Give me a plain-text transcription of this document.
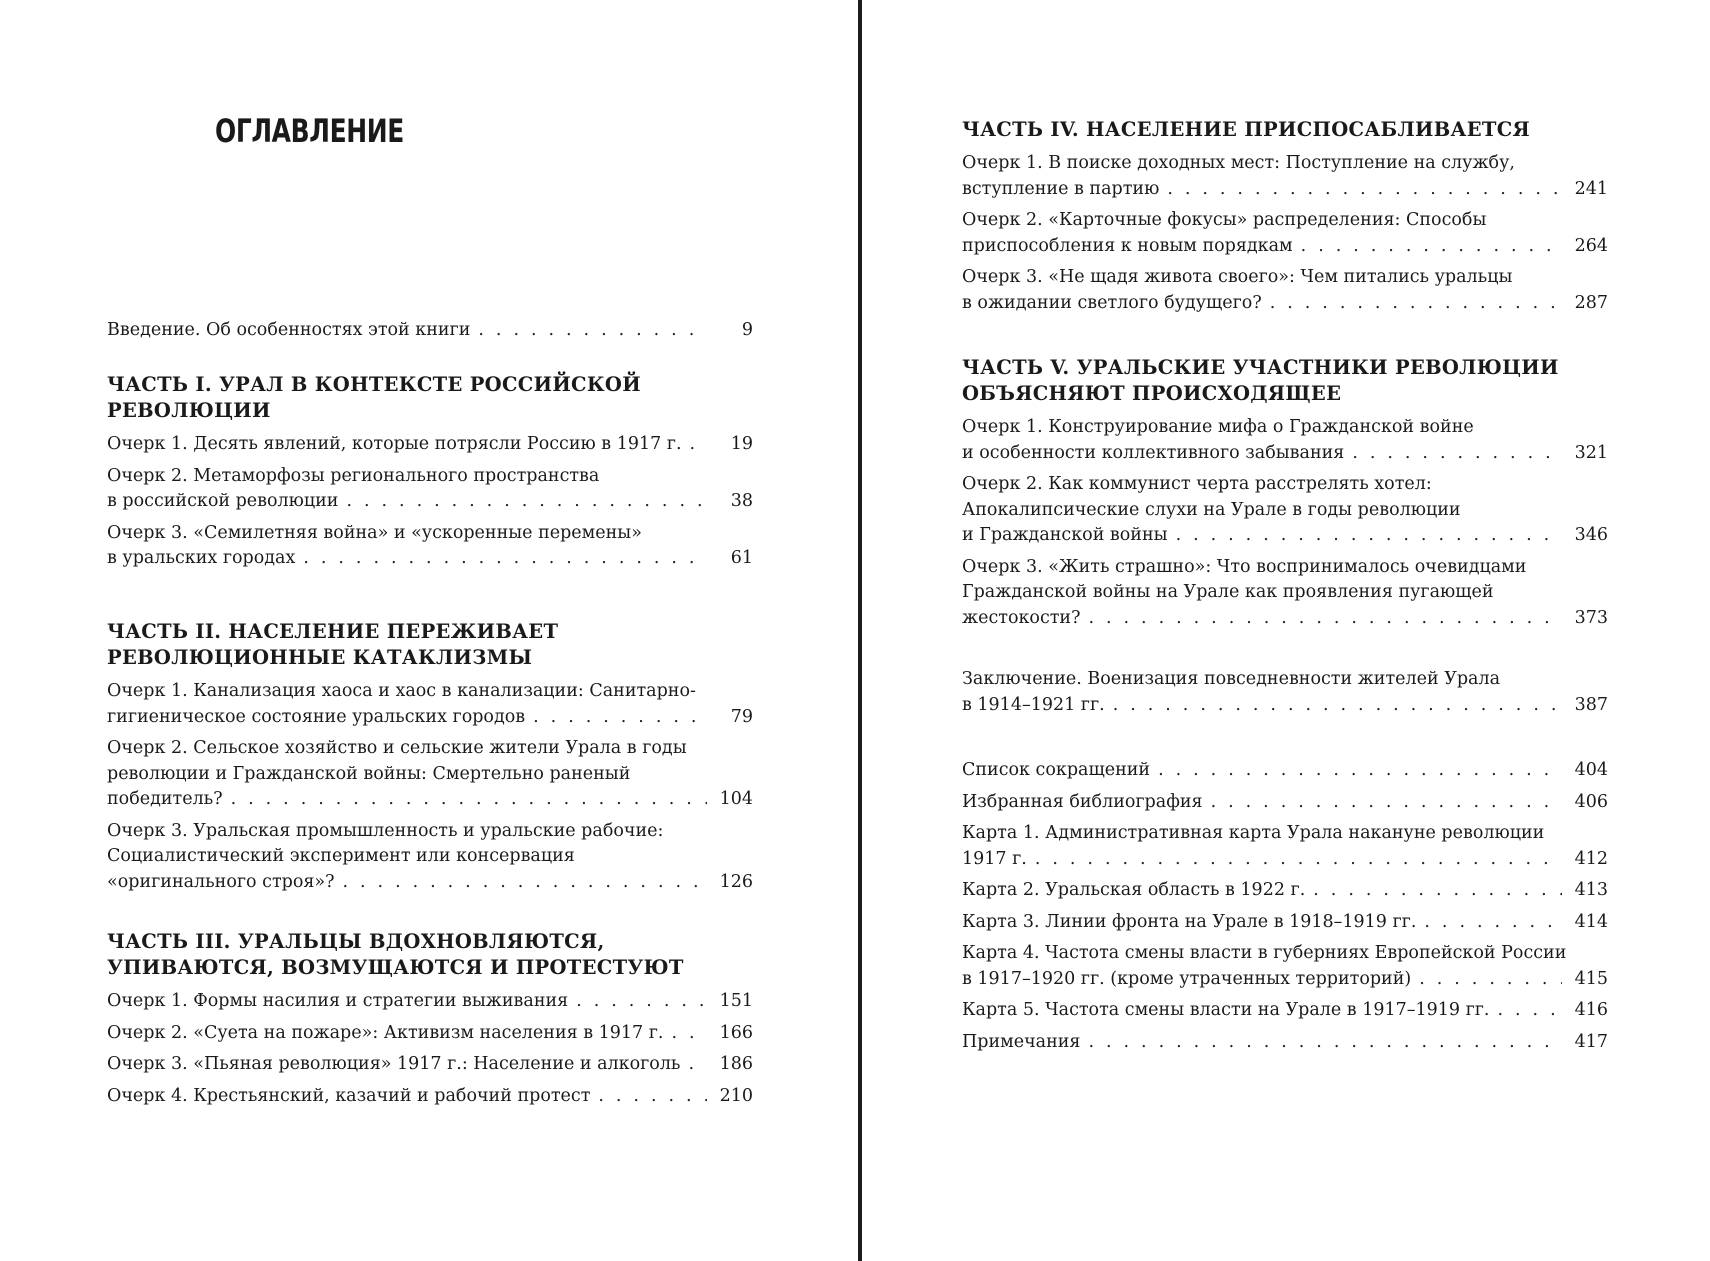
ОГЛАВЛЕНИЕ
Введение. Об особенностях этой книги . . .	9
ЧАСТЬ I. УРАЛ В КОНТЕКСТЕ РОССИЙСКОЙ РЕВОЛЮЦИИ
Очерк 1. Десять явлений, которые потрясли Россию в 1917 г. . . .	19
Очерк 2. Метаморфозы регионального пространства
в российской революции . . .	38
Очерк 3. «Семилетняя война» и «ускоренные перемены»
в уральских городах . . .	61
ЧАСТЬ II. НАСЕЛЕНИЕ ПЕРЕЖИВАЕТ РЕВОЛЮЦИОННЫЕ КАТАКЛИЗМЫ
Очерк 1. Канализация хаоса и хаос в канализации: Санитарно-
гигиеническое состояние уральских городов . . .	79
Очерк 2. Сельское хозяйство и сельские жители Урала в годы
революции и Гражданской войны: Смертельно раненый
победитель? . . .	104
Очерк 3. Уральская промышленность и уральские рабочие:
Социалистический эксперимент или консервация
«оригинального строя»? . . .	126
ЧАСТЬ III. УРАЛЬЦЫ ВДОХНОВЛЯЮТСЯ, УПИВАЮТСЯ, ВОЗМУЩАЮТСЯ И ПРОТЕСТУЮТ
Очерк 1. Формы насилия и стратегии выживания . . .	151
Очерк 2. «Суета на пожаре»: Активизм населения в 1917 г. . . .	166
Очерк 3. «Пьяная революция» 1917 г.: Население и алкоголь . . .	186
Очерк 4. Крестьянский, казачий и рабочий протест . . .	210
ЧАСТЬ IV. НАСЕЛЕНИЕ ПРИСПОСАБЛИВАЕТСЯ
Очерк 1. В поиске доходных мест: Поступление на службу,
вступление в партию . . .	241
Очерк 2. «Карточные фокусы» распределения: Способы
приспособления к новым порядкам . . .	264
Очерк 3. «Не щадя живота своего»: Чем питались уральцы
в ожидании светлого будущего? . . .	287
ЧАСТЬ V. УРАЛЬСКИЕ УЧАСТНИКИ РЕВОЛЮЦИИ ОБЪЯСНЯЮТ ПРОИСХОДЯЩЕЕ
Очерк 1. Конструирование мифа о Гражданской войне
и особенности коллективного забывания . . .	321
Очерк 2. Как коммунист черта расстрелять хотел:
Апокалипсические слухи на Урале в годы революции
и Гражданской войны . . .	346
Очерк 3. «Жить страшно»: Что воспринималось очевидцами
Гражданской войны на Урале как проявления пугающей
жестокости? . . .	373
Заключение. Военизация повседневности жителей Урала
в 1914–1921 гг. . . .	387
Список сокращений . . .	404
Избранная библиография . . .	406
Карта 1. Административная карта Урала накануне революции
1917 г. . . .	412
Карта 2. Уральская область в 1922 г. . . .	413
Карта 3. Линии фронта на Урале в 1918–1919 гг. . . .	414
Карта 4. Частота смены власти в губерниях Европейской России
в 1917–1920 гг. (кроме утраченных территорий) . . .	415
Карта 5. Частота смены власти на Урале в 1917–1919 гг. . . .	416
Примечания . . .	417
